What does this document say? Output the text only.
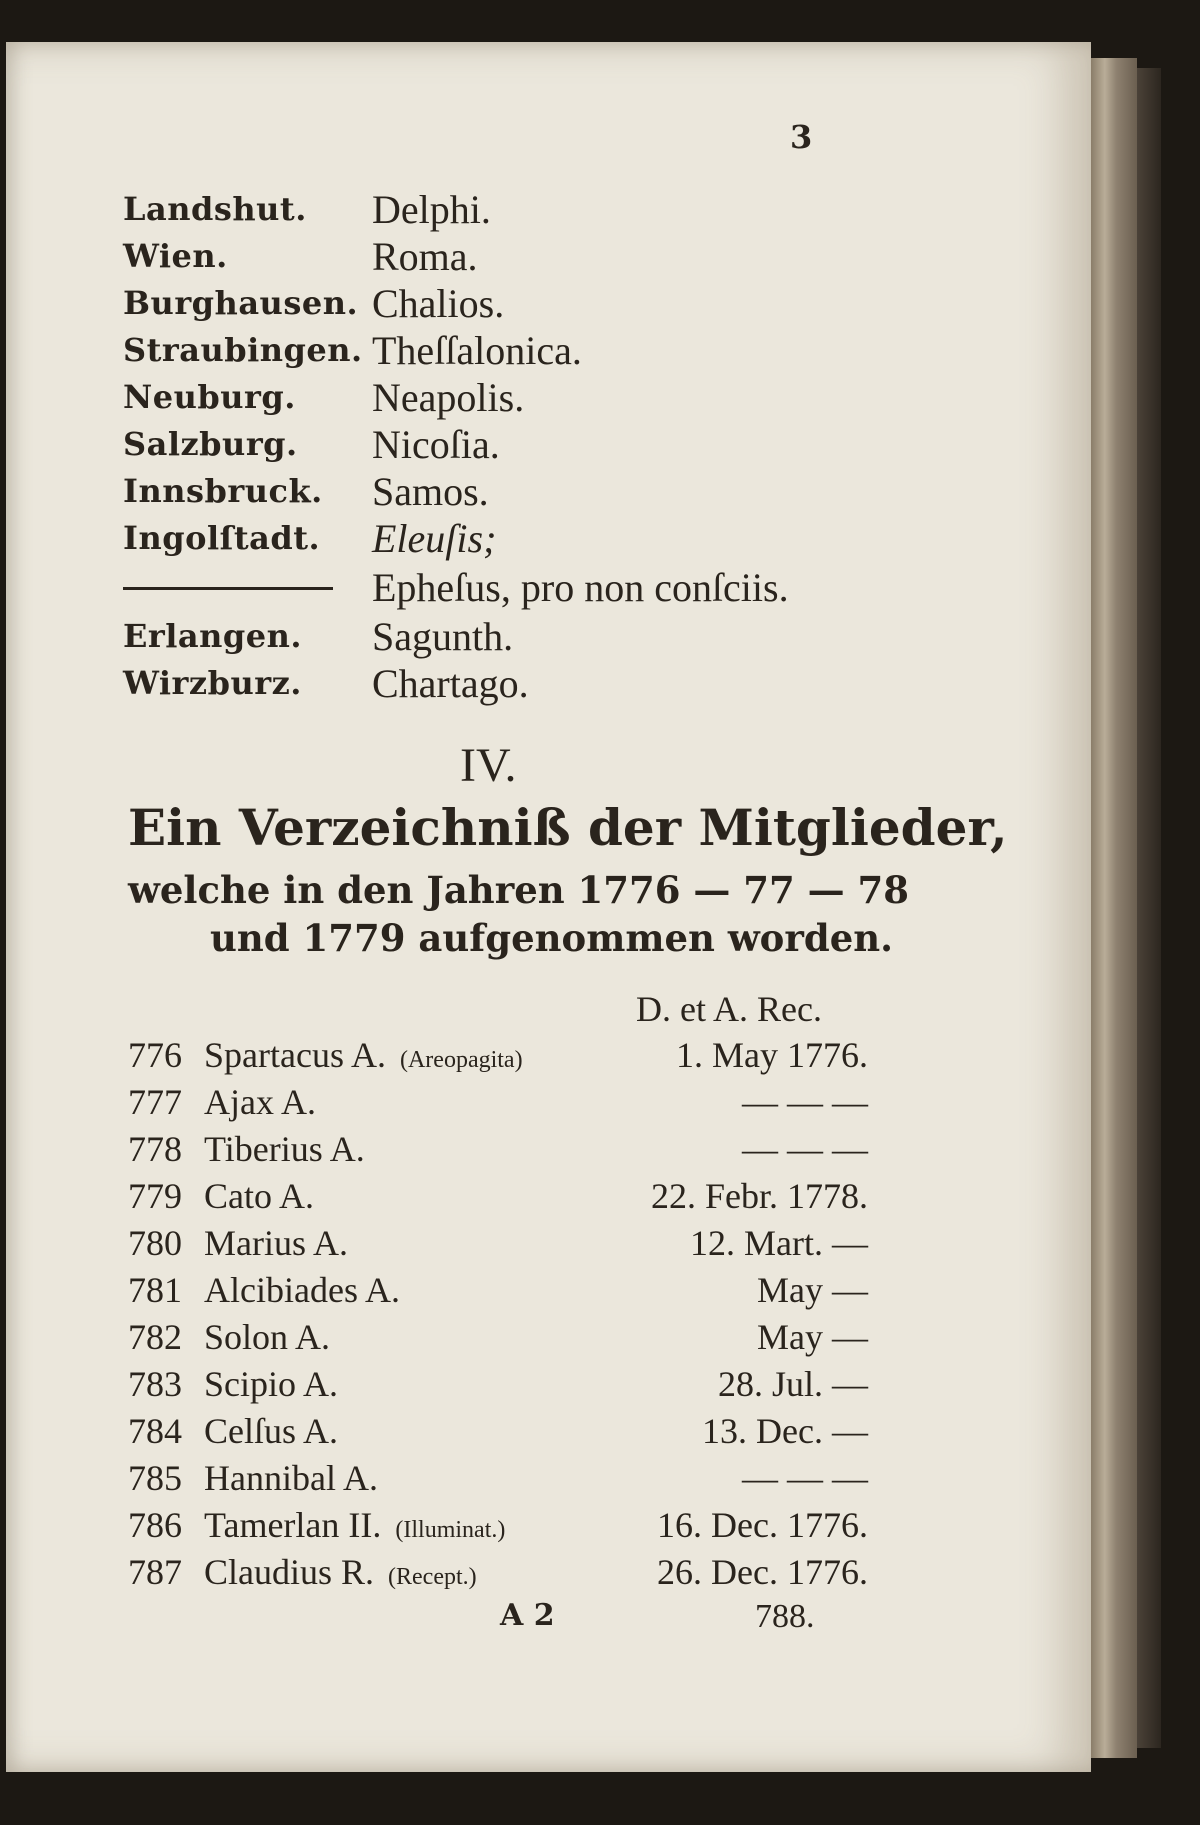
3
Landshut. Delphi.
Wien.	Roma.
Burghausen. Chalios.
Straubingen. Theſſalonica.
Neuburg. Neapolis.
Salzburg. Nicoſia.
Innsbruck. Samos.
Ingolſtadt. Eleuſis;
Epheſus, pro non conſciis.
Erlangen. Sagunth.
Wirzburz. Chartago.
IV.
Ein Verzeichniß der Mitglieder,
welche in den Jahren 1776 — 77 — 78
und 1779 aufgenommen worden.
D. et A. Rec.
776 Spartacus A. (Areopagita)	1. May 1776.
777 Ajax A.	— — —
778 Tiberius A.	— — —
779 Cato A.	22. Febr. 1778.
780 Marius A.	12. Mart. —
781 Alcibiades A.	May —
782 Solon A.	May —
783 Scipio A.	28. Jul. —
784 Celſus A.	13. Dec. —
785 Hannibal A.	— — —
786 Tamerlan II. (Illuminat.)	16. Dec. 1776.
787 Claudius R. (Recept.)	26. Dec. 1776.
A 2	788.
